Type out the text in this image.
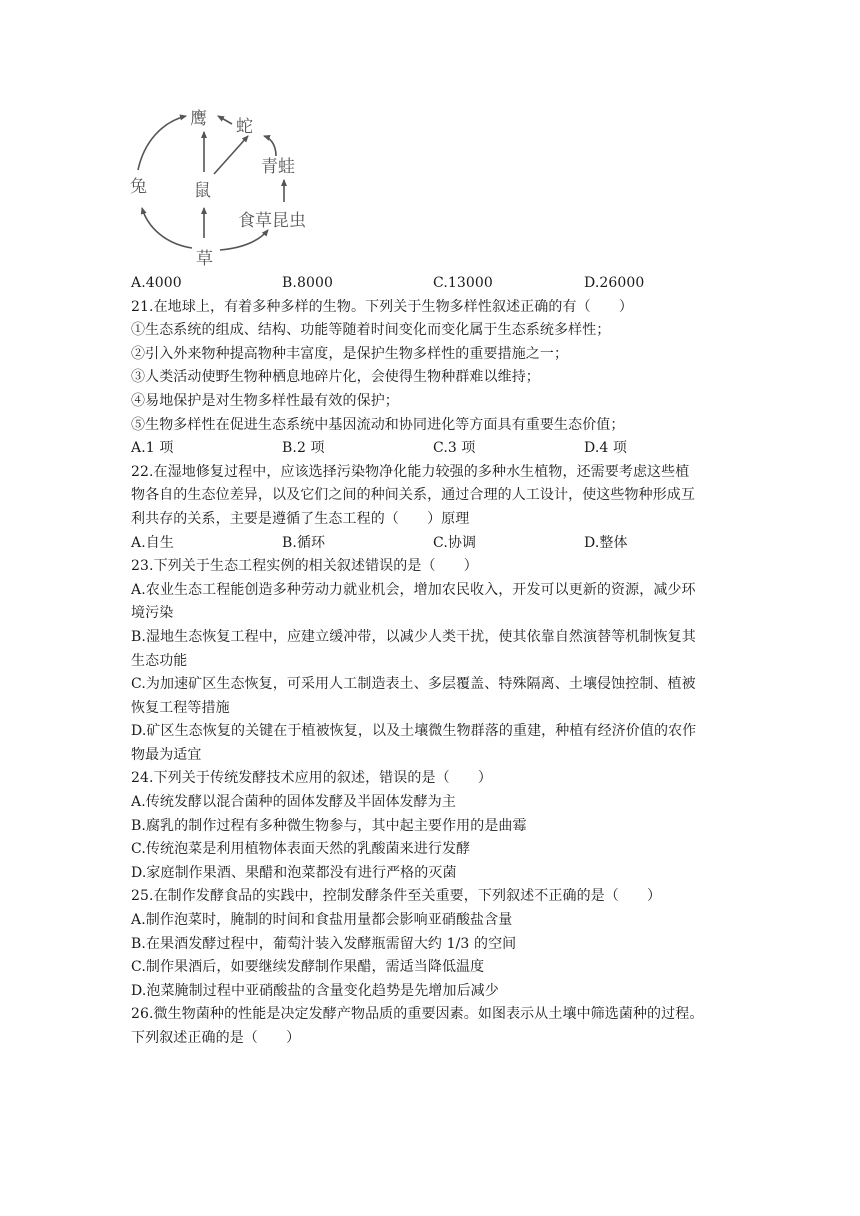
鹰 蛇
青蛙
兔	鼠
食草昆虫
草
A.4000	B.8000	C.13000	D.26000
21.在地球上，有着多种多样的生物。下列关于生物多样性叙述正确的有（　　）
①生态系统的组成、结构、功能等随着时间变化而变化属于生态系统多样性；
②引入外来物种提高物种丰富度，是保护生物多样性的重要措施之一；
③人类活动使野生物种栖息地碎片化，会使得生物种群难以维持；
④易地保护是对生物多样性最有效的保护；
⑤生物多样性在促进生态系统中基因流动和协同进化等方面具有重要生态价值；
A.1 项	B.2 项	C.3 项	D.4 项
22.在湿地修复过程中，应该选择污染物净化能力较强的多种水生植物，还需要考虑这些植
物各自的生态位差异，以及它们之间的种间关系，通过合理的人工设计，使这些物种形成互
利共存的关系，主要是遵循了生态工程的（　　）原理
A.自生	B.循环	C.协调	D.整体
23.下列关于生态工程实例的相关叙述错误的是（　　）
A.农业生态工程能创造多种劳动力就业机会，增加农民收入，开发可以更新的资源，减少环
境污染
B.湿地生态恢复工程中，应建立缓冲带，以减少人类干扰，使其依靠自然演替等机制恢复其
生态功能
C.为加速矿区生态恢复，可采用人工制造表土、多层覆盖、特殊隔离、土壤侵蚀控制、植被
恢复工程等措施
D.矿区生态恢复的关键在于植被恢复，以及土壤微生物群落的重建，种植有经济价值的农作
物最为适宜
24.下列关于传统发酵技术应用的叙述，错误的是（　　）
A.传统发酵以混合菌种的固体发酵及半固体发酵为主
B.腐乳的制作过程有多种微生物参与，其中起主要作用的是曲霉
C.传统泡菜是利用植物体表面天然的乳酸菌来进行发酵
D.家庭制作果酒、果醋和泡菜都没有进行严格的灭菌
25.在制作发酵食品的实践中，控制发酵条件至关重要，下列叙述不正确的是（　　）
A.制作泡菜时，腌制的时间和食盐用量都会影响亚硝酸盐含量
B.在果酒发酵过程中，葡萄汁装入发酵瓶需留大约 1/3 的空间
C.制作果酒后，如要继续发酵制作果醋，需适当降低温度
D.泡菜腌制过程中亚硝酸盐的含量变化趋势是先增加后减少
26.微生物菌种的性能是决定发酵产物品质的重要因素。如图表示从土壤中筛选菌种的过程。
下列叙述正确的是（　　）
